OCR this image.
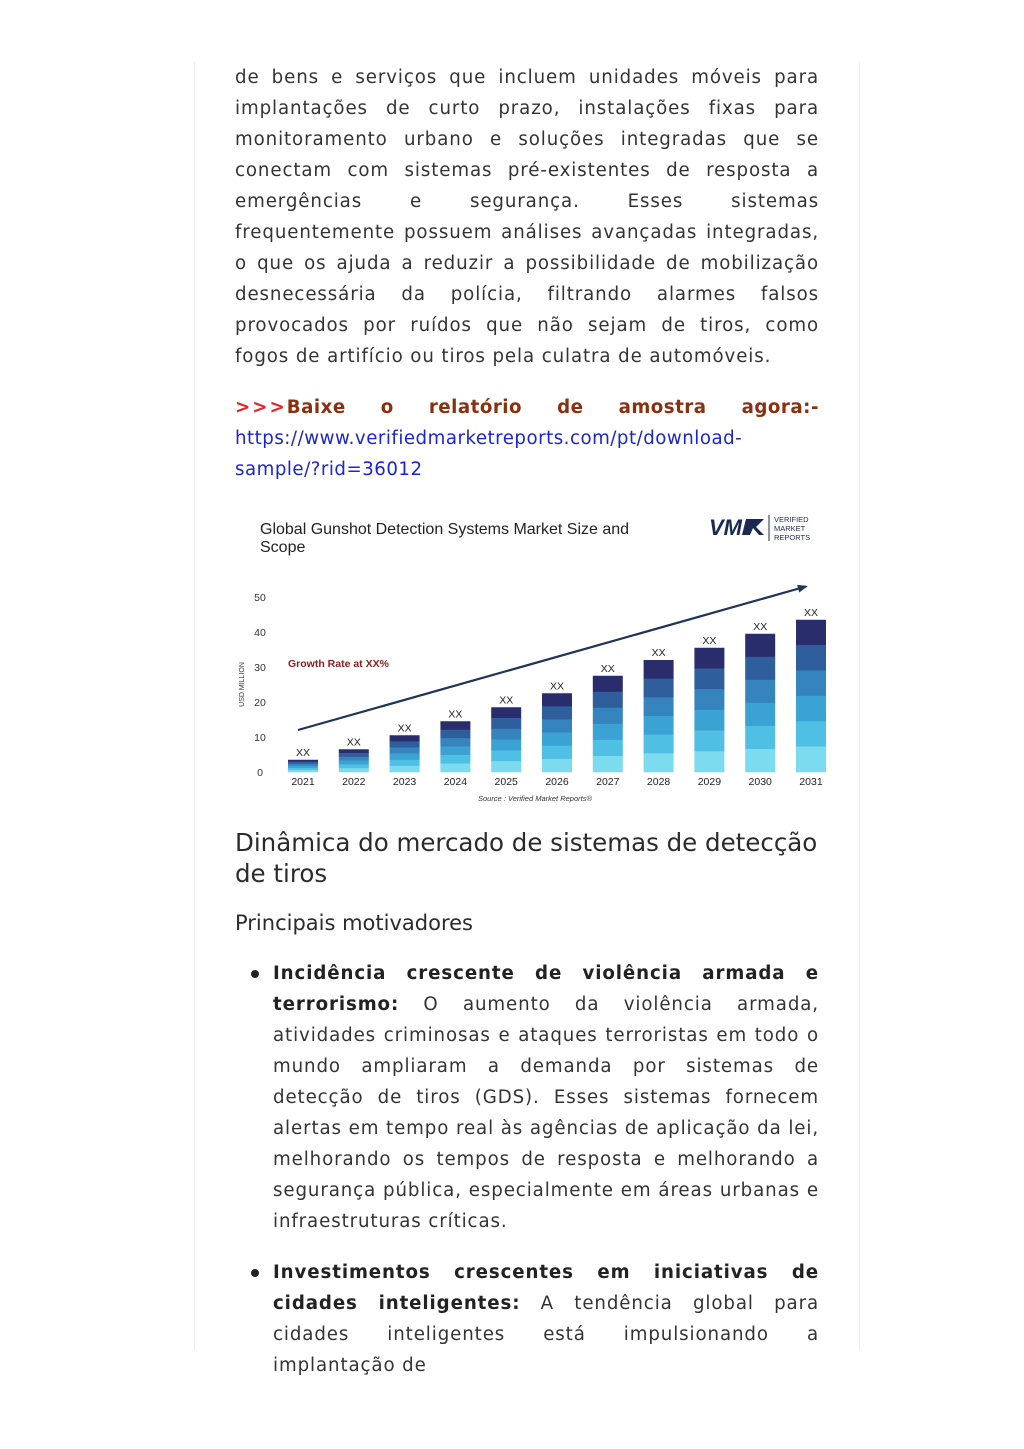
de bens e serviços que incluem unidades móveis para implantações de curto prazo, instalações fixas para monitoramento urbano e soluções integradas que se conectam com sistemas pré-existentes de resposta a emergências e segurança. Esses sistemas frequentemente possuem análises avançadas integradas, o que os ajuda a reduzir a possibilidade de mobilização desnecessária da polícia, filtrando alarmes falsos provocados por ruídos que não sejam de tiros, como fogos de artifício ou tiros pela culatra de automóveis.

>>>Baixe o relatório de amostra agora:-

https://www.verifiedmarketreports.com/pt/download-sample/?rid=36012
Global Gunshot Detection Systems Market Size and
Scope
VM	VERIFIED
MARKET
REPORTS
0
10
20
30
40
50
USD MILLION
XX
XX
XX
XX
XX
XX
XX
XX
XX
XX
XX
Growth Rate at XX%
2021	2022	2023	2024	2025	2026	2027	2028	2029	2030	2031
Source : Verified Market Reports®
Dinâmica do mercado de sistemas de detecção de tiros
Principais motivadores
Incidência crescente de violência armada e terrorismo: O aumento da violência armada, atividades criminosas e ataques terroristas em todo o mundo ampliaram a demanda por sistemas de detecção de tiros (GDS). Esses sistemas fornecem alertas em tempo real às agências de aplicação da lei, melhorando os tempos de resposta e melhorando a segurança pública, especialmente em áreas urbanas e infraestruturas críticas.
Investimentos crescentes em iniciativas de cidades inteligentes: A tendência global para cidades inteligentes está impulsionando a implantação de
